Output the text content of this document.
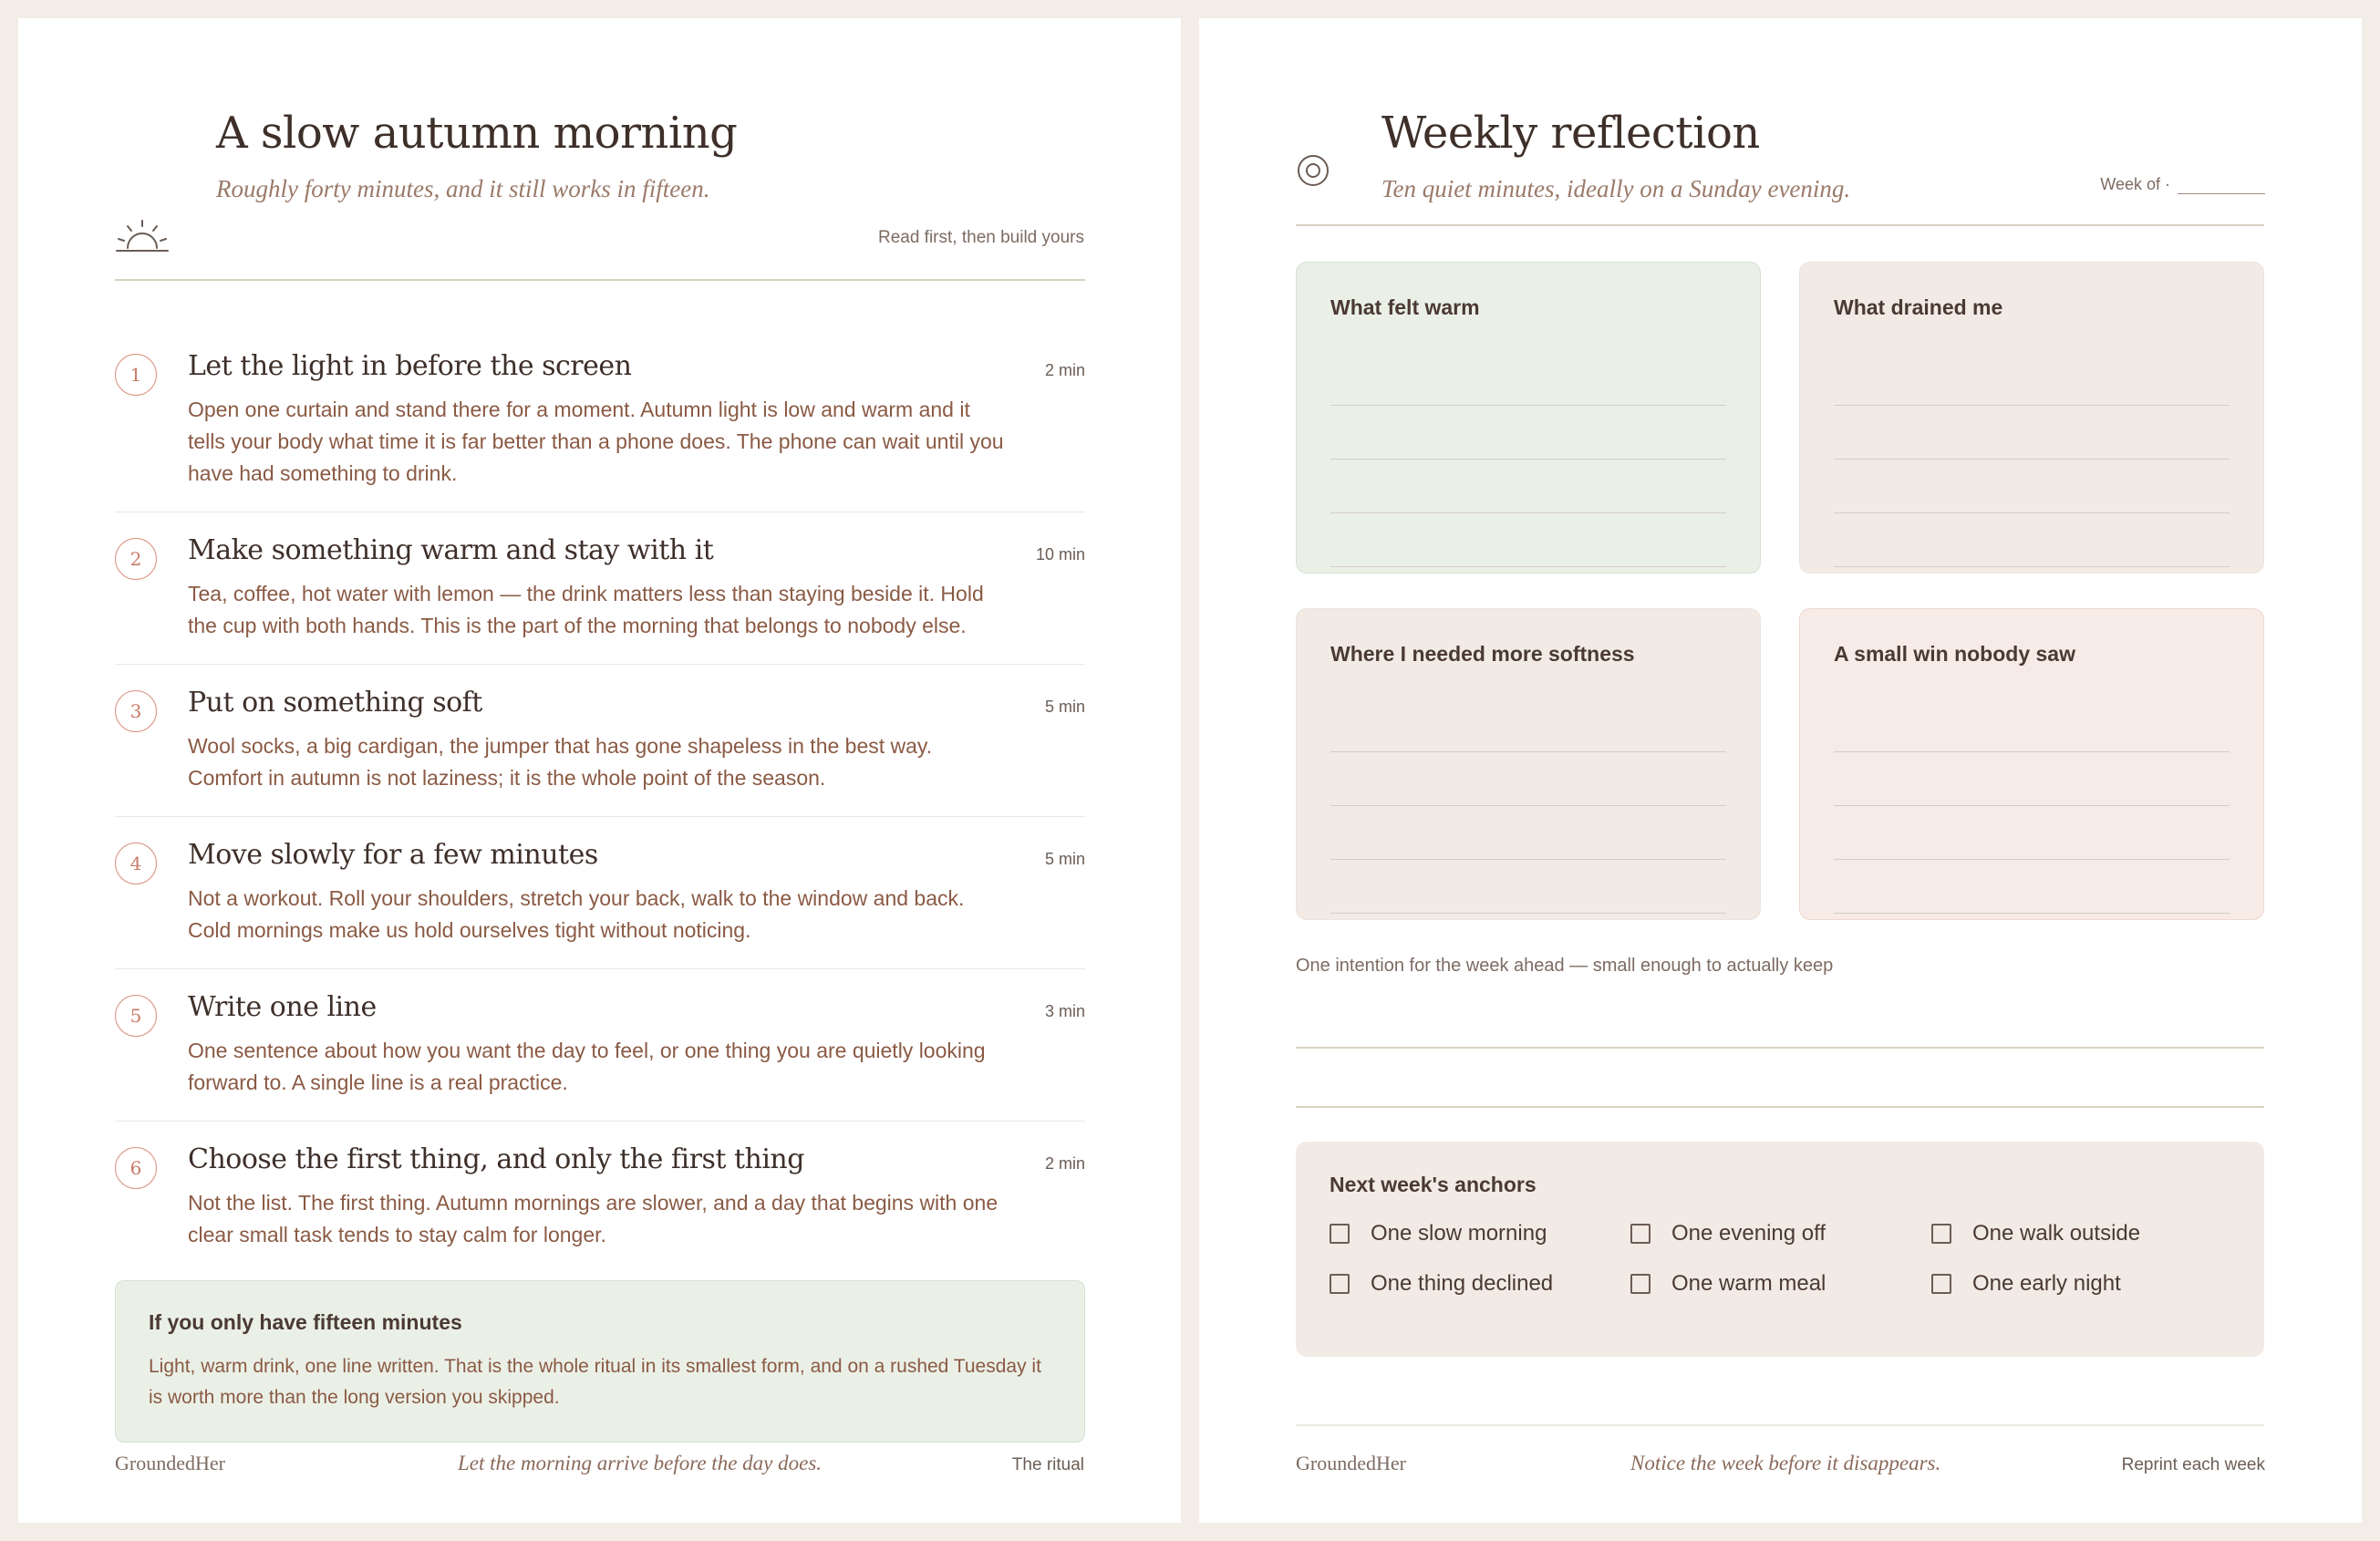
A slow autumn morning
Roughly forty minutes, and it still works in fifteen.
Read first, then build yours
1	Let the light in before the screen

Open one curtain and stand there for a moment. Autumn light is low and warm and it tells your body what time it is far better than a phone does. The phone can wait until you have had something to drink.

2 min
2	Make something warm and stay with it

Tea, coffee, hot water with lemon — the drink matters less than staying beside it. Hold the cup with both hands. This is the part of the morning that belongs to nobody else.

10 min
3	Put on something soft

Wool socks, a big cardigan, the jumper that has gone shapeless in the best way. Comfort in autumn is not laziness; it is the whole point of the season.

5 min
4	Move slowly for a few minutes

Not a workout. Roll your shoulders, stretch your back, walk to the window and back. Cold mornings make us hold ourselves tight without noticing.

5 min
5	Write one line

One sentence about how you want the day to feel, or one thing you are quietly looking forward to. A single line is a real practice.

3 min
6	Choose the first thing, and only the first thing

Not the list. The first thing. Autumn mornings are slower, and a day that begins with one clear small task tends to stay calm for longer.

2 min

If you only have fifteen minutes

Light, warm drink, one line written. That is the whole ritual in its smallest form, and on a rushed Tuesday it is worth more than the long version you skipped.

GroundedHer	Let the morning arrive before the day does.	The ritual
Weekly reflection
Ten quiet minutes, ideally on a Sunday evening.	Week of ·

What felt warm	What drained me

Where I needed more softness	A small win nobody saw

One intention for the week ahead — small enough to actually keep

Next week's anchors

One slow morning	One evening off	One walk outside
One thing declined	One warm meal	One early night
GroundedHer	Notice the week before it disappears.	Reprint each week
